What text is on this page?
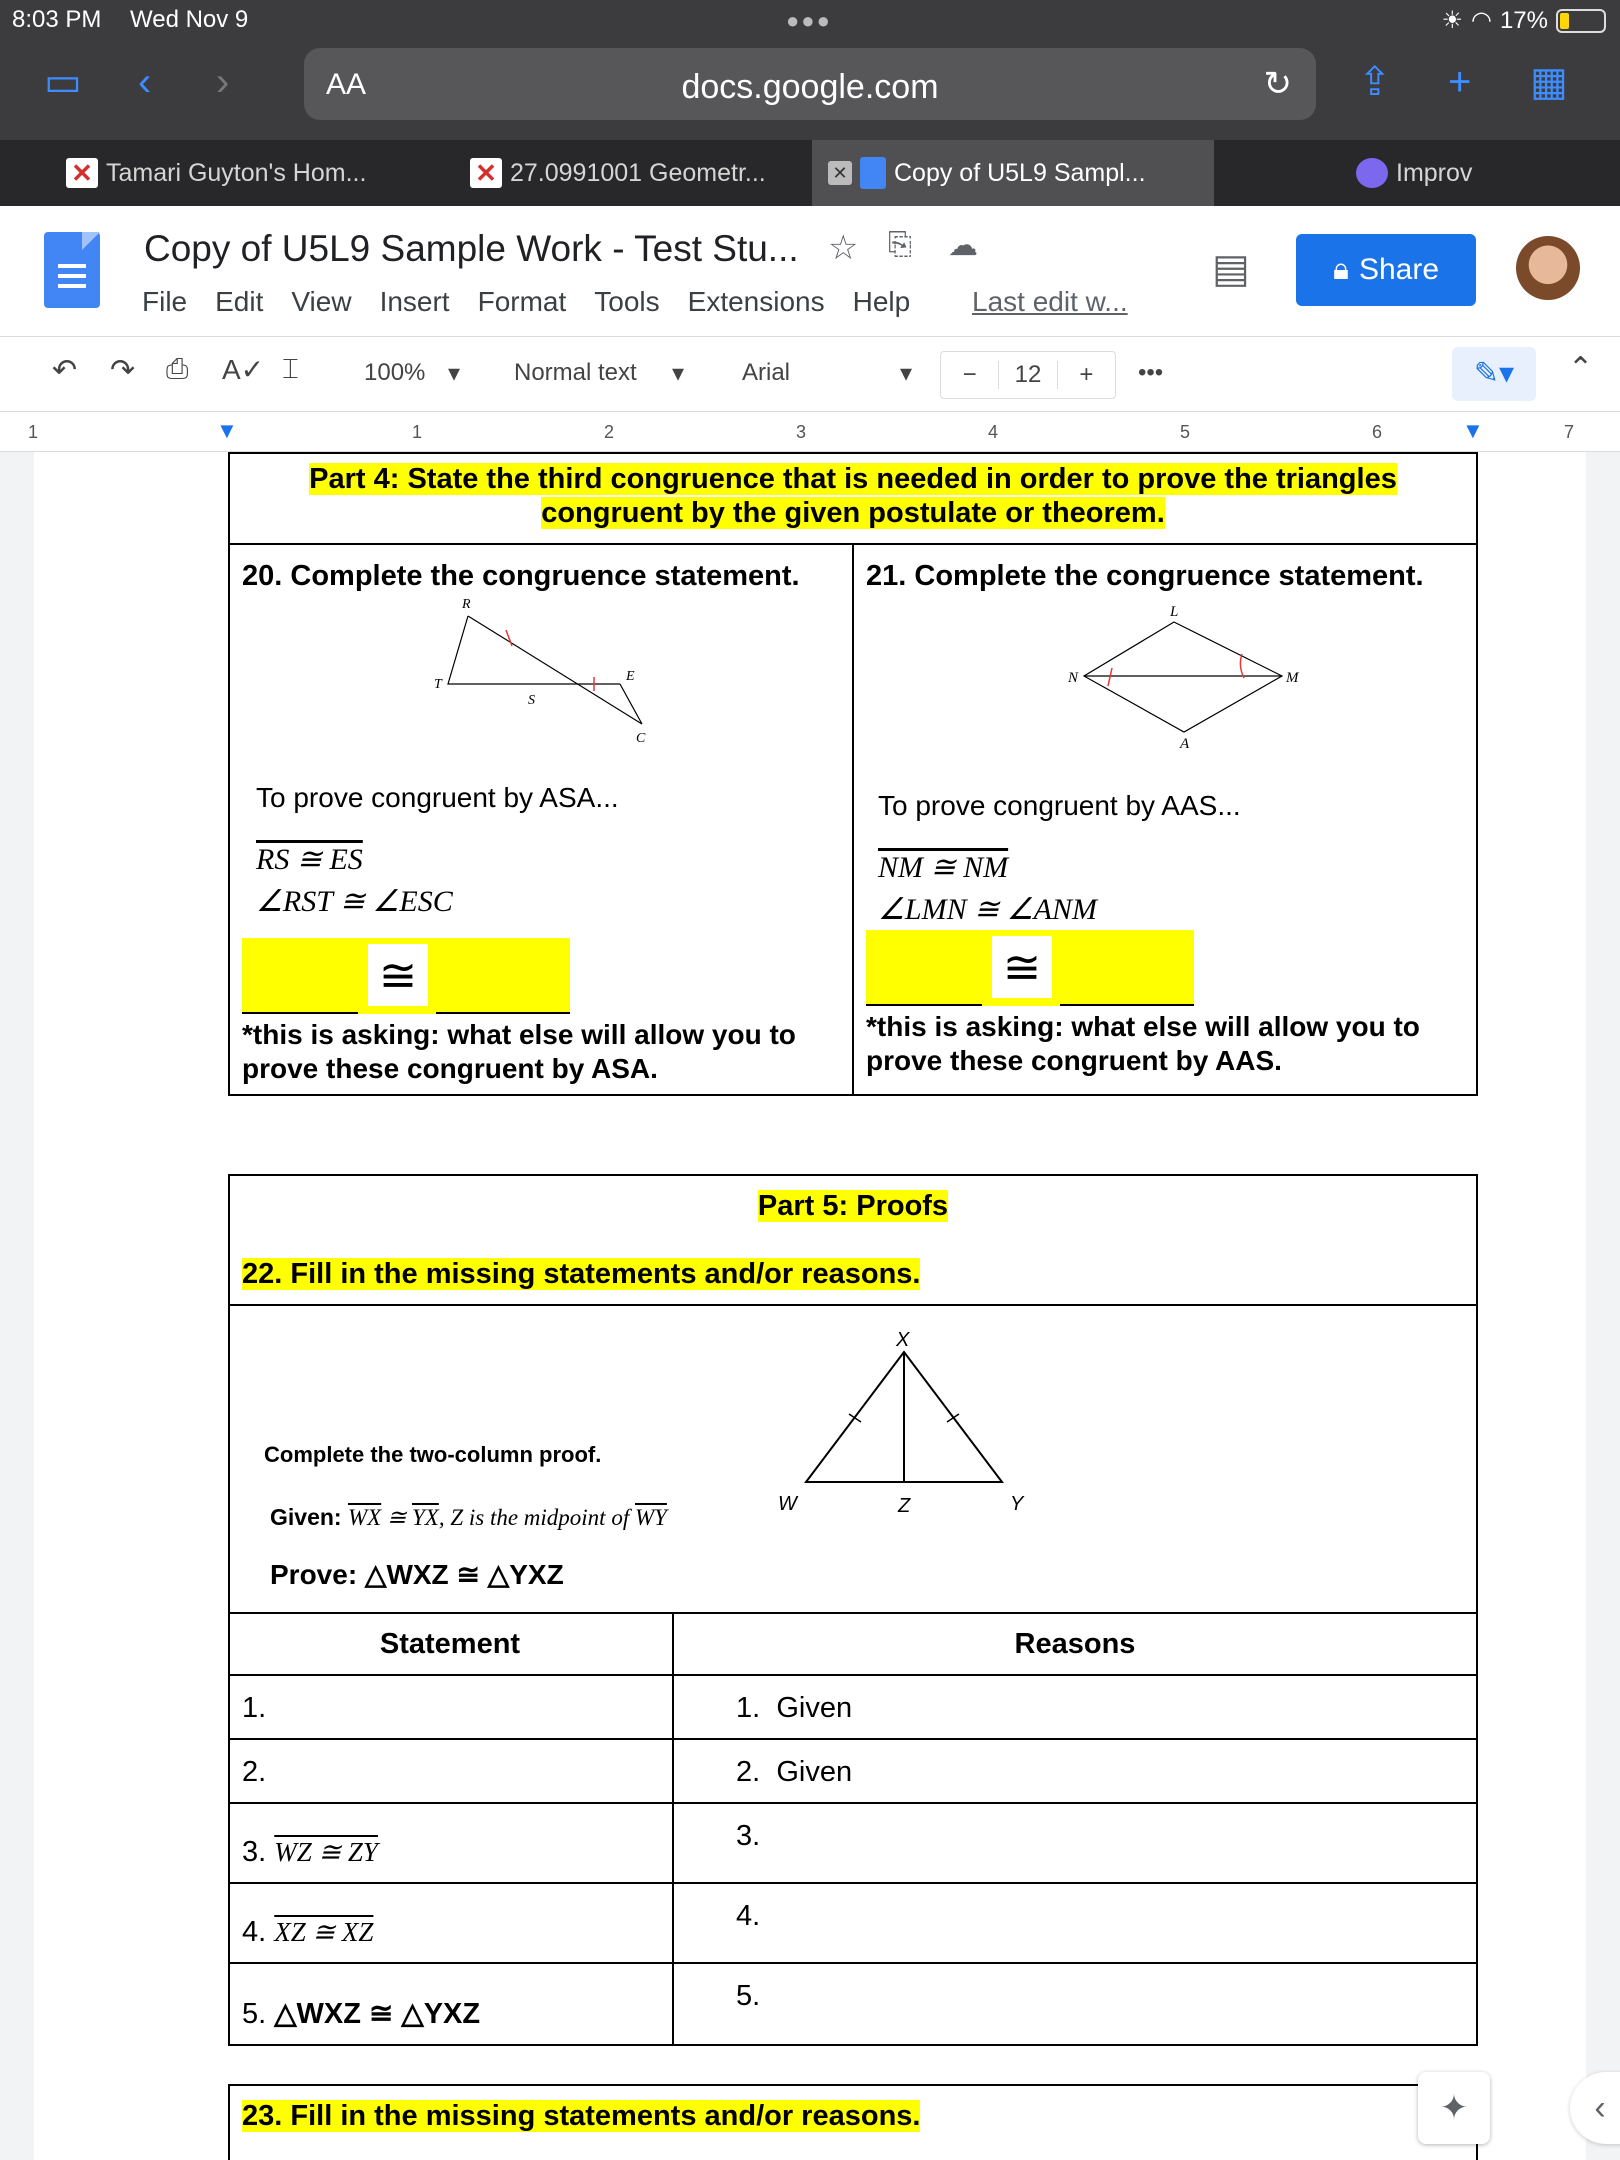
8:03 PM Wed Nov 9	●●●	☀ ◠ 17%
▭ ‹ ›	AA	docs.google.com	↻ ⇪ + ▦
✕ Tamari Guyton's Hom...	✕ 27.0991001 Geometr...	✕ Copy of U5L9 Sampl...	Improv
Copy of U5L9 Sample Work - Test Stu... ☆ ⎘ ☁
File Edit View Insert Format Tools Extensions Help Last edit w...
▤	🔒︎ Share
↶ ↷ ⎙ A✓ ⌶	100% ▾ Normal text ▾ Arial	▾	−	12	+	•••	✎▾	⌃
1	1	2	3	4	5	6	7
▼	▼
Part 4: State the third congruence that is needed in order to prove the triangles
congruent by the given postulate or theorem.
20. Complete the congruence statement.
R
T
S
E
C
To prove congruent by ASA...
RS ≅ ES
∠RST ≅ ∠ESC
≅
*this is asking: what else will allow you to
prove these congruent by ASA.
21. Complete the congruence statement.
L
N	M
A
To prove congruent by AAS...
NM ≅ NM
∠LMN ≅ ∠ANM
≅
*this is asking: what else will allow you to
prove these congruent by AAS.
Part 5: Proofs
22. Fill in the missing statements and/or reasons.
Complete the two-column proof.
Given: $\overline{WX}$ ≅ $\overline{YX}$, Z is the midpoint of $\overline{WY}$
Prove: △WXZ ≅ △YXZ
X
W	Z	Y
Statement	Reasons
1.	1. Given
2.	2. Given
3. WZ ≅ ZY	3.
4. XZ ≅ XZ	4.
5. △WXZ ≅ △YXZ
5.
23. Fill in the missing statements and/or reasons.	✦	‹
